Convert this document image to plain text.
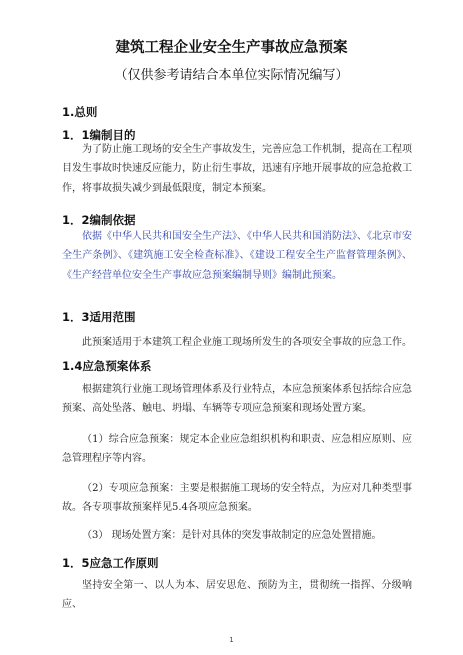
建筑工程企业安全生产事故应急预案
（仅供参考请结合本单位实际情况编写）
1.总则
1．1编制目的
为了防止施工现场的安全生产事故发生，完善应急工作机制，提高在工程项目发生事故时快速反应能力，防止衍生事故，迅速有序地开展事故的应急抢救工作，将事故损失减少到最低限度，制定本预案。
1．2编制依据
依据《中华人民共和国安全生产法》、《中华人民共和国消防法》、《北京市安全生产条例》、《建筑施工安全检查标准》、《建设工程安全生产监督管理条例》、《生产经营单位安全生产事故应急预案编制导则》编制此预案。
1．3适用范围
此预案适用于本建筑工程企业施工现场所发生的各项安全事故的应急工作。
1.4应急预案体系
根据建筑行业施工现场管理体系及行业特点，本应急预案体系包括综合应急预案、高处坠落、触电、坍塌、车辆等专项应急预案和现场处置方案。
（1）综合应急预案：规定本企业应急组织机构和职责、应急相应原则、应急管理程序等内容。
（2）专项应急预案：主要是根据施工现场的安全特点，为应对几种类型事故。各专项事故预案样见5.4各项应急预案。
（3） 现场处置方案：是针对具体的突发事故制定的应急处置措施。
1．5应急工作原则
坚持安全第一、以人为本、居安思危、预防为主，贯彻统一指挥、分级响应、
1
